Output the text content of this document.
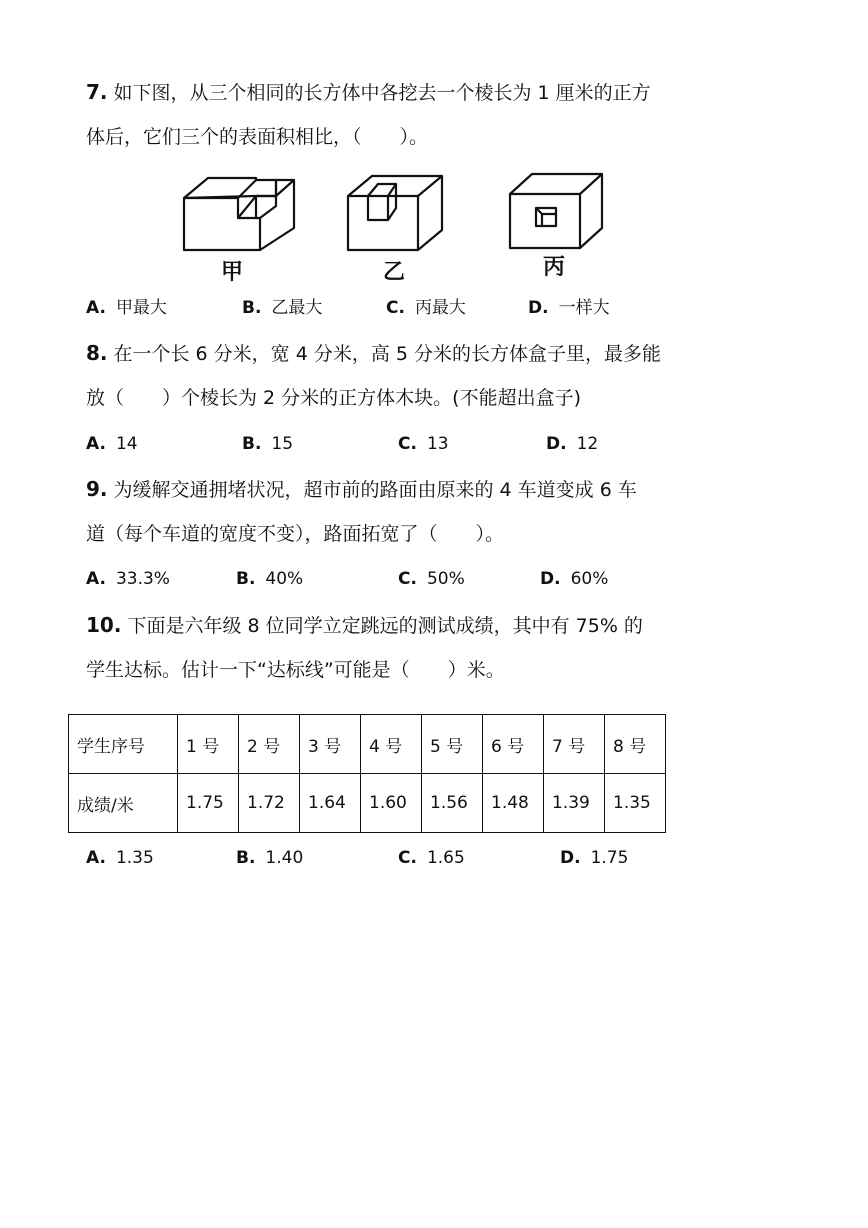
7. 如下图，从三个相同的长方体中各挖去一个棱长为 1 厘米的正方
体后，它们三个的表面积相比，（　　）。
甲	乙	丙
A. 甲最大	B. 乙最大	C. 丙最大	D. 一样大
8. 在一个长 6 分米，宽 4 分米，高 5 分米的长方体盒子里，最多能
放（　　）个棱长为 2 分米的正方体木块。(不能超出盒子)
A. 14	B. 15	C. 13	D. 12
9. 为缓解交通拥堵状况，超市前的路面由原来的 4 车道变成 6 车
道（每个车道的宽度不变），路面拓宽了（　　）。
A. 33.3%	B. 40%	C. 50%	D. 60%
10. 下面是六年级 8 位同学立定跳远的测试成绩，其中有 75% 的
学生达标。估计一下“达标线”可能是（　　）米。
学生序号	1 号	2 号	3 号	4 号	5 号	6 号	7 号	8 号
成绩/米	1.75	1.72	1.64	1.60	1.56	1.48	1.39	1.35
A. 1.35	B. 1.40	C. 1.65	D. 1.75
